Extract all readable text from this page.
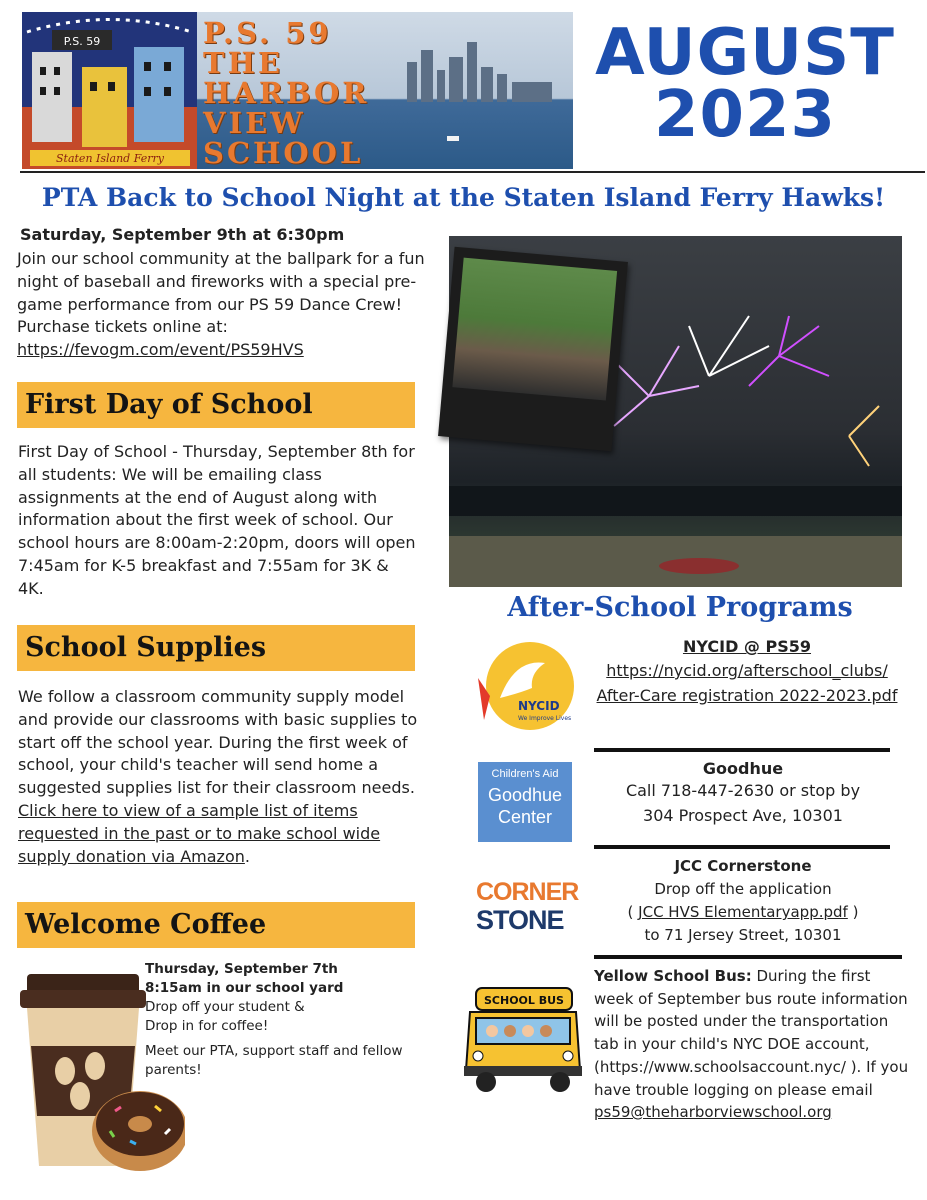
P.S. 59
Staten Island Ferry
P.S. 59
THE
HARBOR
VIEW
SCHOOL
AUGUST
2023
PTA Back to School Night at the Staten Island Ferry Hawks!
Saturday, September 9th at 6:30pm
Join our school community at the ballpark for a fun night of baseball and fireworks with a special pre-game performance from our PS 59 Dance Crew! Purchase tickets online at:
https://fevogm.com/event/PS59HVS
First Day of School
First Day of School - Thursday, September 8th for all students: We will be emailing class assignments at the end of August along with information about the first week of school. Our school hours are 8:00am-2:20pm, doors will open 7:45am for K-5 breakfast and 7:55am for 3K & 4K.
School Supplies
We follow a classroom community supply model and provide our classrooms with basic supplies to start off the school year. During the first week of school, your child's teacher will send home a suggested supplies list for their classroom needs. Click here to view of a sample list of items requested in the past or to make school wide supply donation via Amazon.
Welcome Coffee
Thursday, September 7th
8:15am in our school yard
Drop off your student &
Drop in for coffee!
Meet our PTA, support staff and fellow parents!
After-School Programs
NYCID
We Improve Lives
NYCID @ PS59
https://nycid.org/afterschool_clubs/ After-Care registration 2022-2023.pdf
Children's Aid
Goodhue
Center
Goodhue
Call 718-447-2630 or stop by
304 Prospect Ave, 10301
CORNER
STONE
JCC Cornerstone
Drop off the application
( JCC HVS Elementaryapp.pdf )
to 71 Jersey Street, 10301
SCHOOL BUS
Yellow School Bus: During the first week of September bus route information will be posted under the transportation tab in your child's NYC DOE account, (https://www.schoolsaccount.nyc/ ). If you have trouble logging on please email ps59@theharborviewschool.org
